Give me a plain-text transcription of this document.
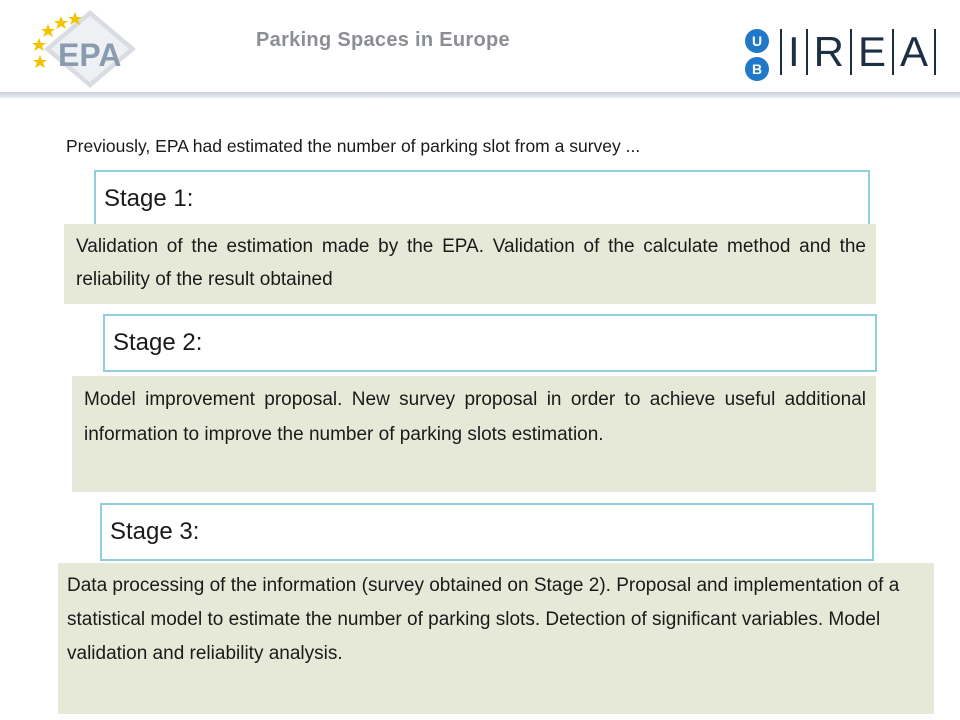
EPA	Parking Spaces in Europe	U
B I R E A
Previously, EPA had estimated the number of parking slot from a survey ...
Stage 1:
Validation of the estimation made by the EPA. Validation of the calculate method and the reliability of the result obtained
Stage 2:
Model improvement proposal. New survey proposal in order to achieve useful additional information to improve the number of parking slots estimation.
Stage 3:
Data processing of the information (survey obtained on Stage 2). Proposal and implementation of a statistical model to estimate the number of parking slots. Detection of significant variables. Model validation and reliability analysis.
